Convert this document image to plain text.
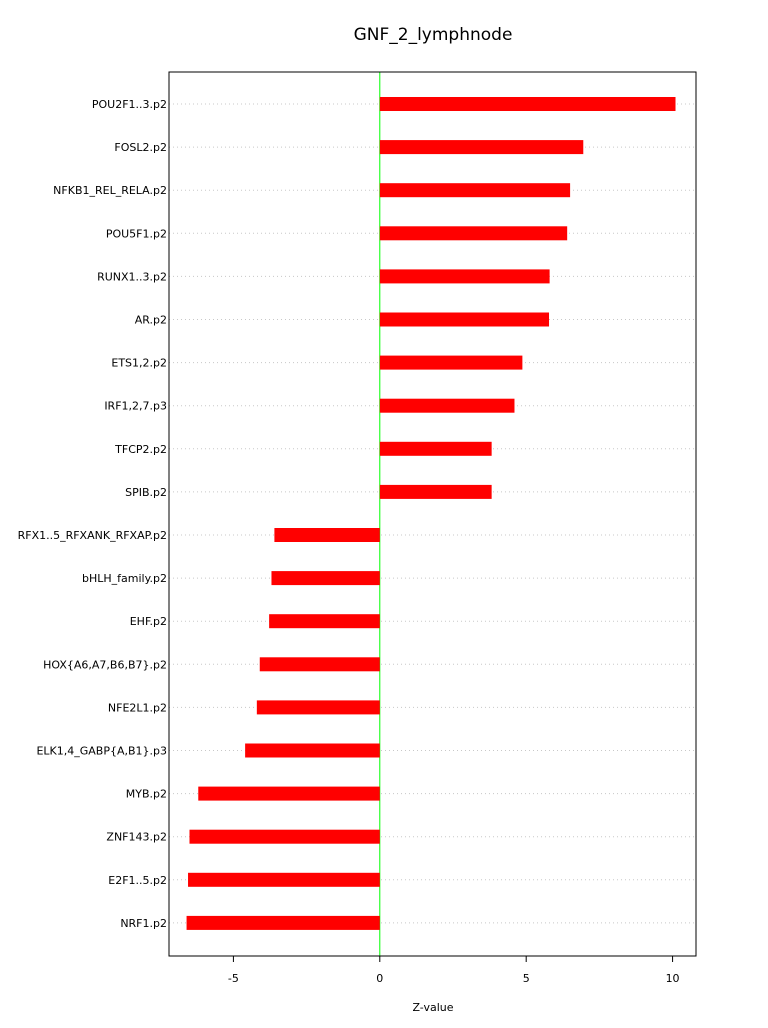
GNF_2_lymphnode
POU2F1..3.p2
FOSL2.p2
NFKB1_REL_RELA.p2
POU5F1.p2
RUNX1..3.p2
AR.p2
ETS1,2.p2
IRF1,2,7.p3
TFCP2.p2
SPIB.p2
RFX1..5_RFXANK_RFXAP.p2
bHLH_family.p2
EHF.p2
HOX{A6,A7,B6,B7}.p2
NFE2L1.p2
ELK1,4_GABP{A,B1}.p3
MYB.p2
ZNF143.p2
E2F1..5.p2
NRF1.p2
-5	0	5	10
Z-value
